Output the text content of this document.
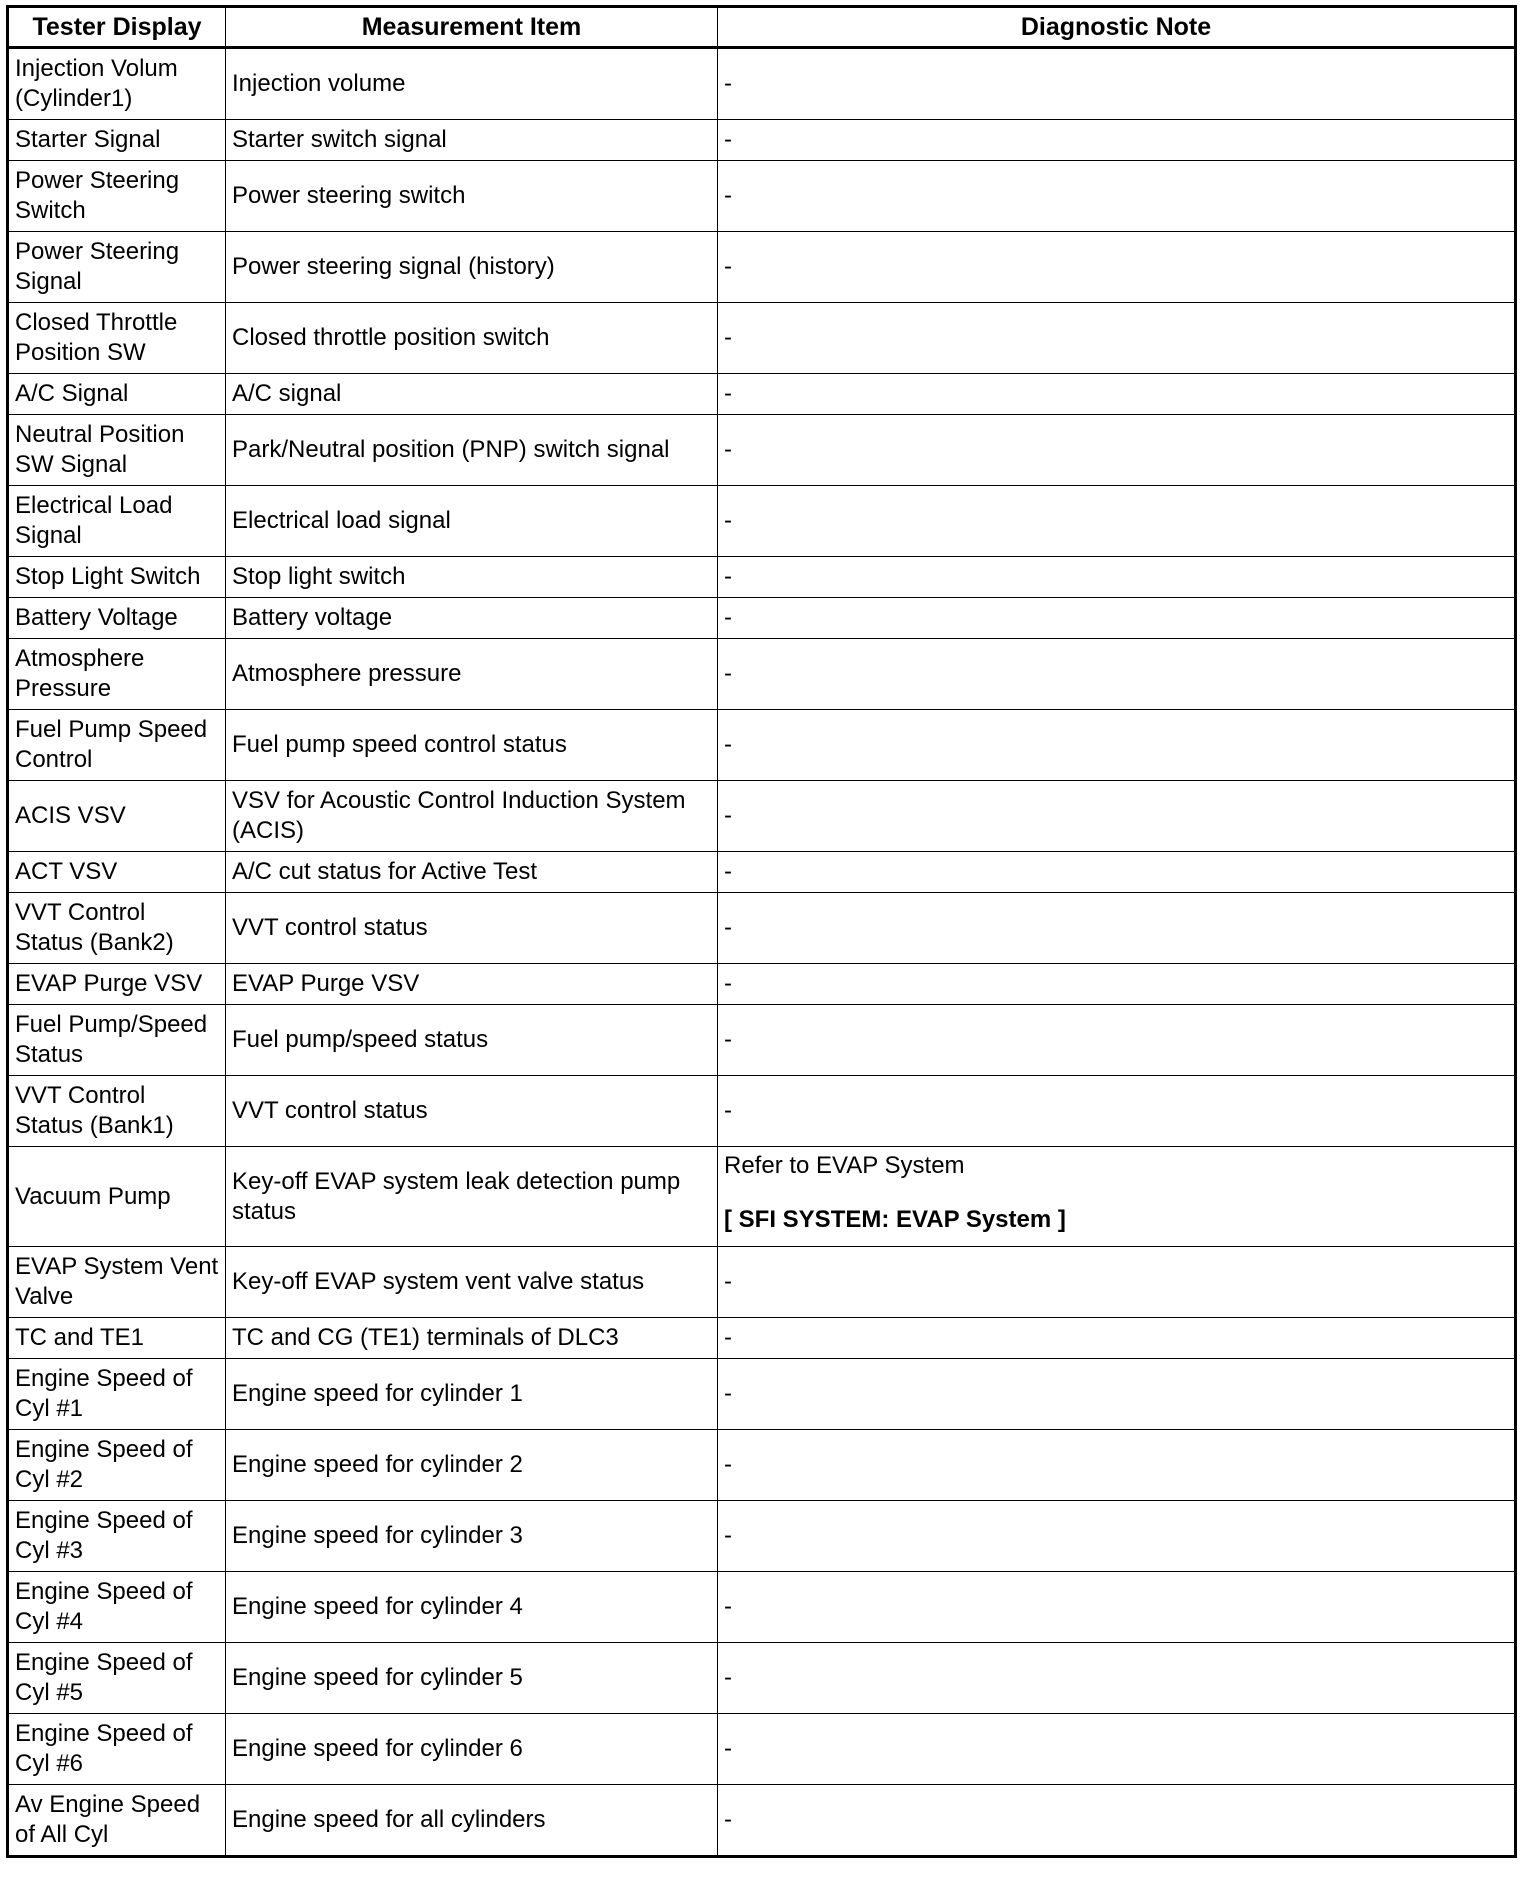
Tester Display	Measurement Item	Diagnostic Note
Injection Volum (Cylinder1)	Injection volume	-
Starter Signal	Starter switch signal	-
Power Steering Switch	Power steering switch	-
Power Steering Signal	Power steering signal (history)	-
Closed Throttle Position SW	Closed throttle position switch	-
A/C Signal	A/C signal	-
Neutral Position SW Signal	Park/Neutral position (PNP) switch signal	-
Electrical Load Signal	Electrical load signal	-
Stop Light Switch	Stop light switch	-
Battery Voltage	Battery voltage	-
Atmosphere Pressure	Atmosphere pressure	-
Fuel Pump Speed Control	Fuel pump speed control status	-
ACIS VSV	VSV for Acoustic Control Induction System (ACIS)	-
ACT VSV	A/C cut status for Active Test	-
VVT Control Status (Bank2)	VVT control status	-
EVAP Purge VSV	EVAP Purge VSV	-
Fuel Pump/Speed Status	Fuel pump/speed status	-
VVT Control Status (Bank1)	VVT control status	-
Vacuum Pump	Key-off EVAP system leak detection pump status	Refer to EVAP System
[ SFI SYSTEM: EVAP System ]

EVAP System Vent Valve	Key-off EVAP system vent valve status	-
TC and TE1	TC and CG (TE1) terminals of DLC3	-
Engine Speed of Cyl #1	Engine speed for cylinder 1	-
Engine Speed of Cyl #2	Engine speed for cylinder 2	-
Engine Speed of Cyl #3	Engine speed for cylinder 3	-
Engine Speed of Cyl #4	Engine speed for cylinder 4	-
Engine Speed of Cyl #5	Engine speed for cylinder 5	-
Engine Speed of Cyl #6	Engine speed for cylinder 6	-
Av Engine Speed of All Cyl	Engine speed for all cylinders	-
